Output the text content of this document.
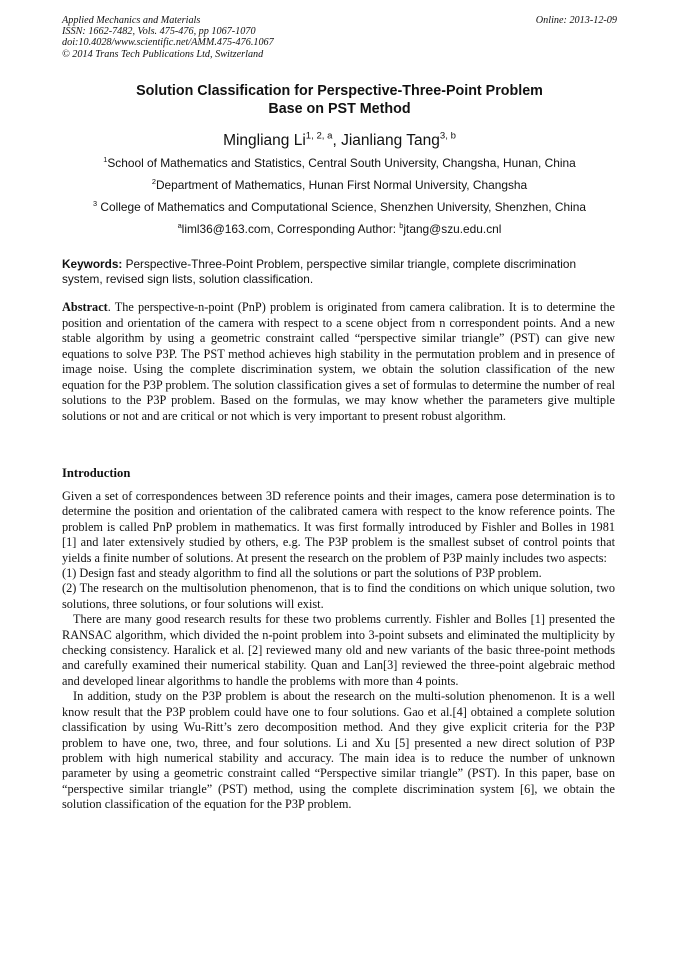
Applied Mechanics and Materials
ISSN: 1662-7482, Vols. 475-476, pp 1067-1070
doi:10.4028/www.scientific.net/AMM.475-476.1067
© 2014 Trans Tech Publications Ltd, Switzerland
Online: 2013-12-09
Solution Classification for Perspective-Three-Point Problem
Base on PST Method
Mingliang Li$^{1, 2, a}$, Jianliang Tang$^{3, b}$
$^1$School of Mathematics and Statistics, Central South University, Changsha, Hunan, China
$^2$Department of Mathematics, Hunan First Normal University, Changsha
$^3$ College of Mathematics and Computational Science, Shenzhen University, Shenzhen, China
$^a$liml36@163.com, Corresponding Author: $^b$jtang@szu.edu.cnl
Keywords: Perspective-Three-Point Problem, perspective similar triangle, complete discrimination system, revised sign lists, solution classification.
Abstract. The perspective-n-point (PnP) problem is originated from camera calibration. It is to determine the position and orientation of the camera with respect to a scene object from n correspondent points. And a new stable algorithm by using a geometric constraint called “perspective similar triangle” (PST) can give new equations to solve P3P. The PST method achieves high stability in the permutation problem and in presence of image noise. Using the complete discrimination system, we obtain the solution classification of the new equation for the P3P problem. The solution classification gives a set of formulas to determine the number of real solutions to the P3P problem. Based on the formulas, we may know whether the parameters give multiple solutions or not and are critical or not which is very important to present robust algorithm.
Introduction

Given a set of correspondences between 3D reference points and their images, camera pose determination is to determine the position and orientation of the calibrated camera with respect to the know reference points. The problem is called PnP problem in mathematics. It was first formally introduced by Fishler and Bolles in 1981 [1] and later extensively studied by others, e.g. The P3P problem is the smallest subset of control points that yields a finite number of solutions. At present the research on the problem of P3P mainly includes two aspects:

(1) Design fast and steady algorithm to find all the solutions or part the solutions of P3P problem.

(2) The research on the multisolution phenomenon, that is to find the conditions on which unique solution, two solutions, three solutions, or four solutions will exist.

There are many good research results for these two problems currently. Fishler and Bolles [1] presented the RANSAC algorithm, which divided the n-point problem into 3-point subsets and eliminated the multiplicity by checking consistency. Haralick et al. [2] reviewed many old and new variants of the basic three-point methods and carefully examined their numerical stability. Quan and Lan[3] reviewed the three-point algebraic method and developed linear algorithms to handle the problems with more than 4 points.

In addition, study on the P3P problem is about the research on the multi-solution phenomenon. It is a well know result that the P3P problem could have one to four solutions. Gao et al.[4] obtained a complete solution classification by using Wu-Ritt’s zero decomposition method. And they give explicit criteria for the P3P problem to have one, two, three, and four solutions. Li and Xu [5] presented a new direct solution of P3P problem with high numerical stability and accuracy. The main idea is to reduce the number of unknown parameter by using a geometric constraint called “Perspective similar triangle” (PST). In this paper, base on “perspective similar triangle” (PST) method, using the complete discrimination system [6], we obtain the solution classification of the equation for the P3P problem.
